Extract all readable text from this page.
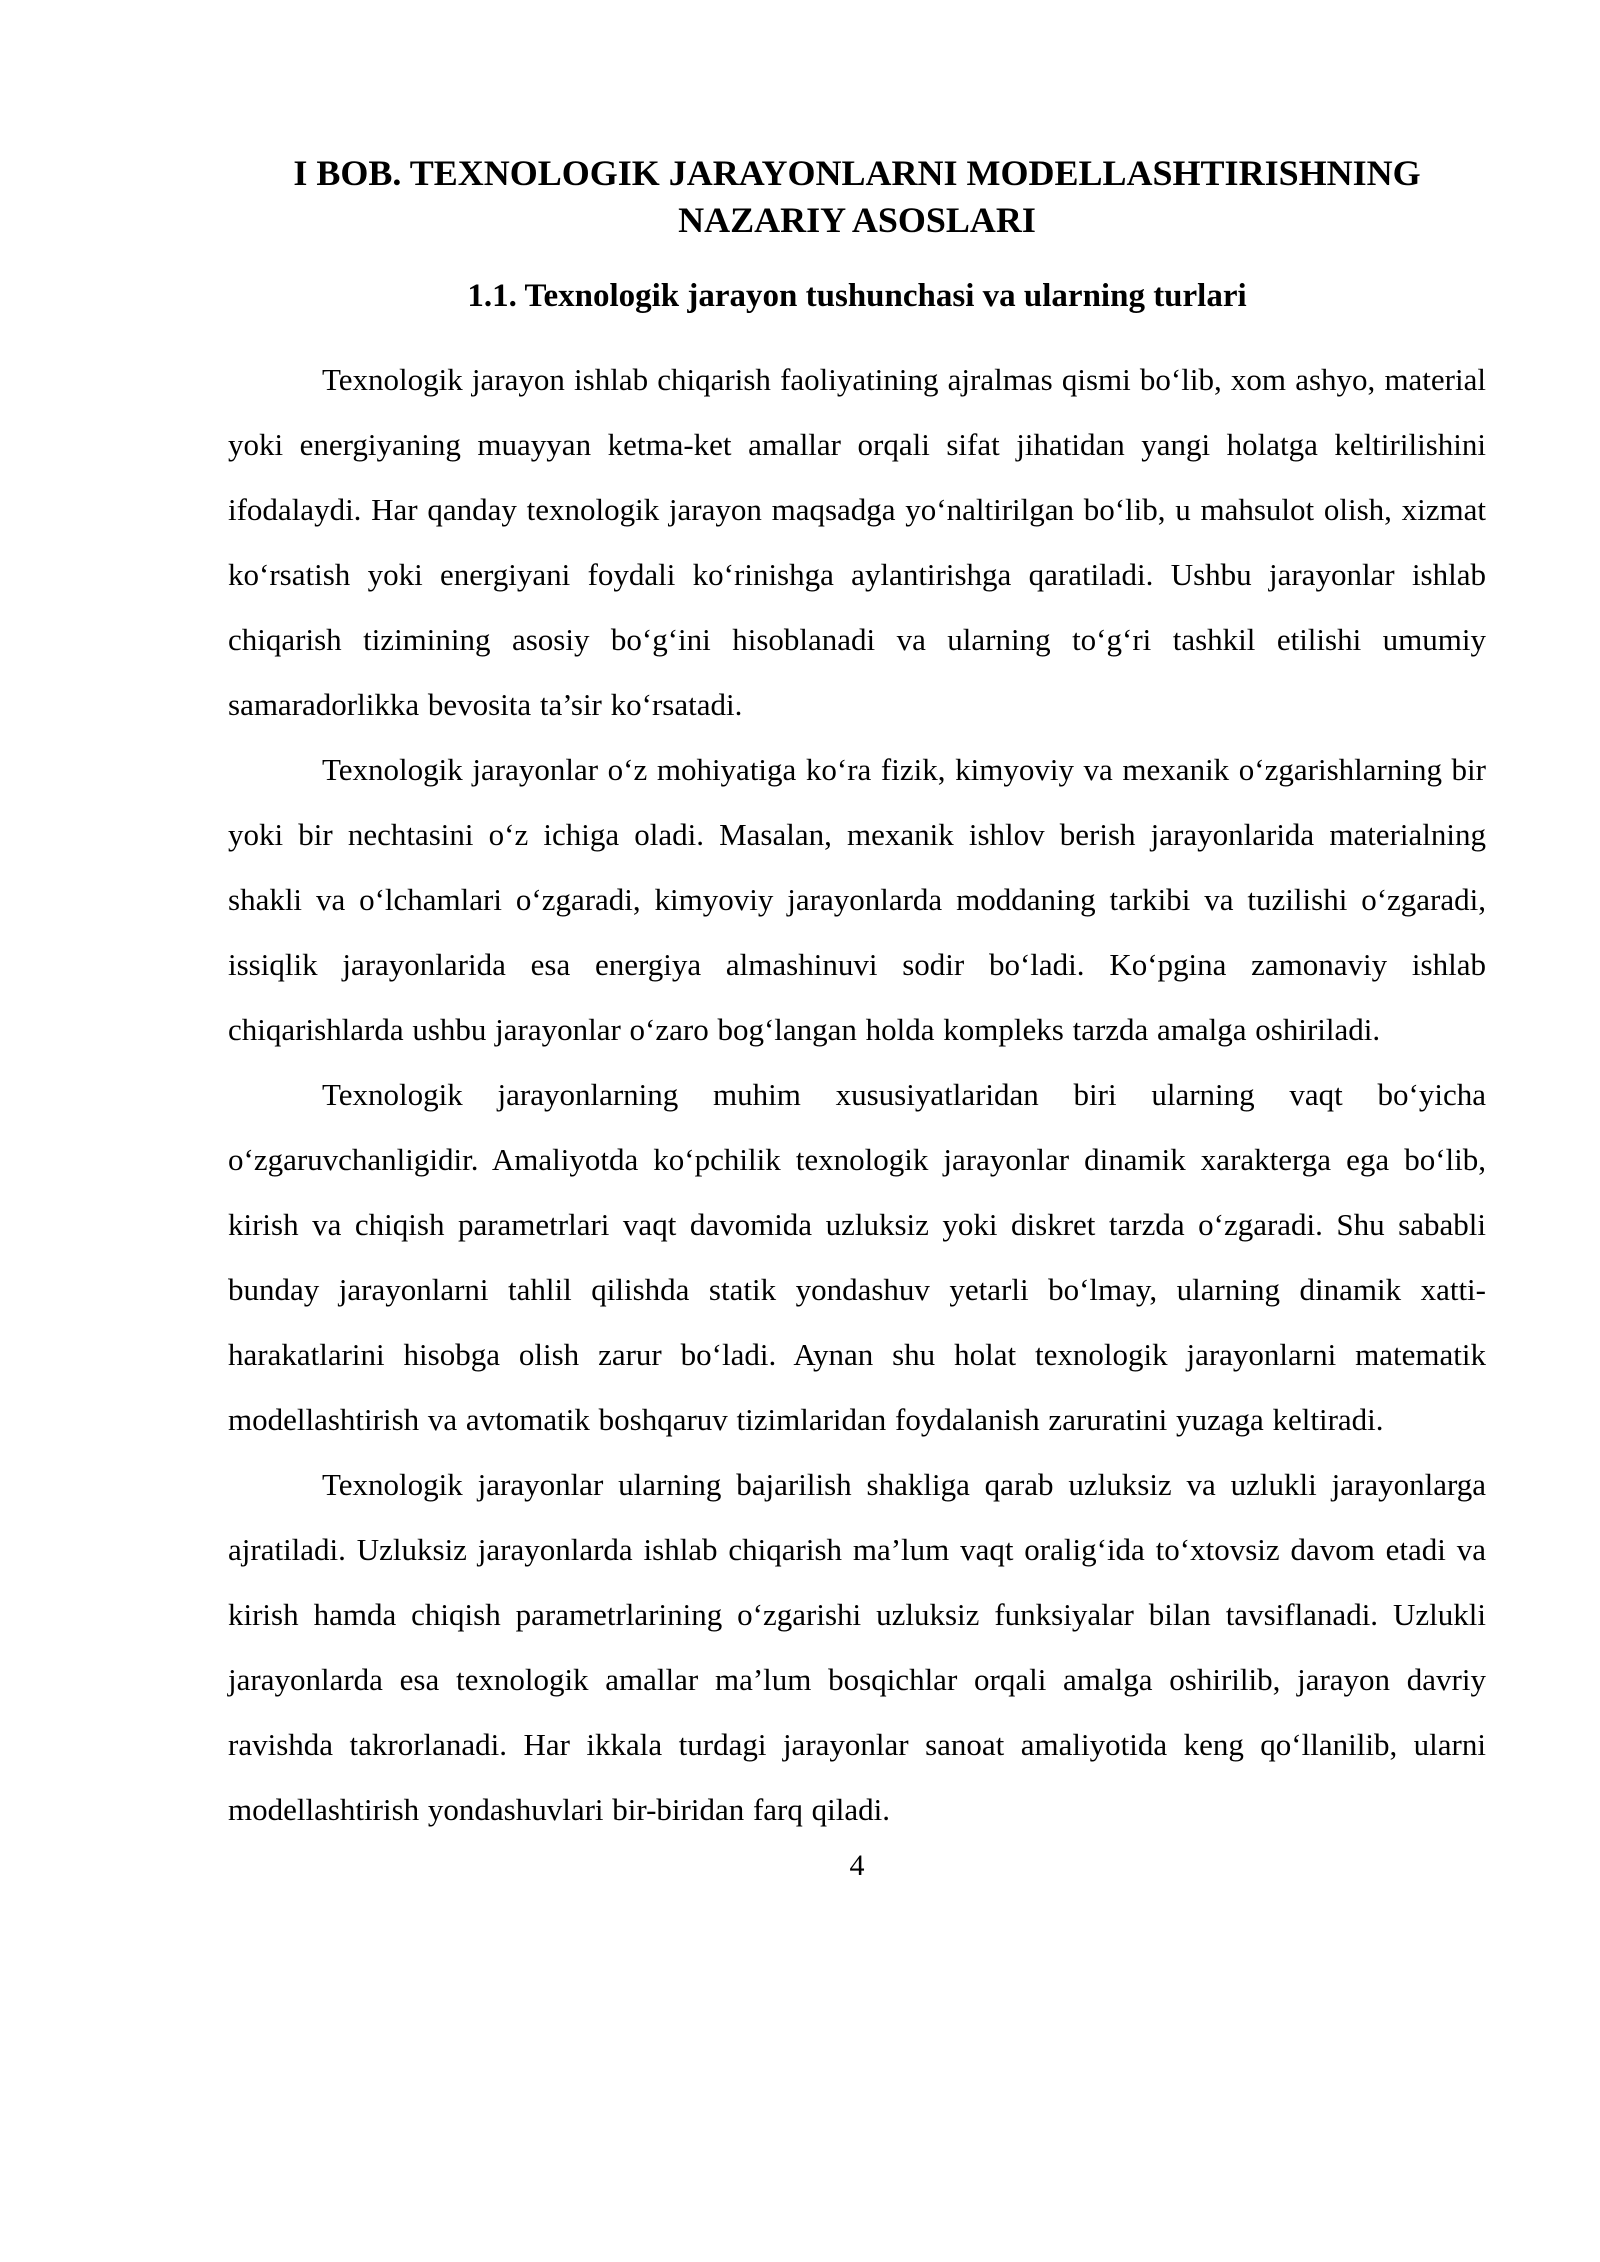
I BOB. TEXNOLOGIK JARAYONLARNI MODELLASHTIRISHNING NAZARIY ASOSLARI
1.1. Texnologik jarayon tushunchasi va ularning turlari

Texnologik jarayon ishlab chiqarish faoliyatining ajralmas qismi bo‘lib, xom ashyo, material yoki energiyaning muayyan ketma-ket amallar orqali sifat jihatidan yangi holatga keltirilishini ifodalaydi. Har qanday texnologik jarayon maqsadga yo‘naltirilgan bo‘lib, u mahsulot olish, xizmat ko‘rsatish yoki energiyani foydali ko‘rinishga aylantirishga qaratiladi. Ushbu jarayonlar ishlab chiqarish tizimining asosiy bo‘g‘ini hisoblanadi va ularning to‘g‘ri tashkil etilishi umumiy samaradorlikka bevosita ta’sir ko‘rsatadi.

Texnologik jarayonlar o‘z mohiyatiga ko‘ra fizik, kimyoviy va mexanik o‘zgarishlarning bir yoki bir nechtasini o‘z ichiga oladi. Masalan, mexanik ishlov berish jarayonlarida materialning shakli va o‘lchamlari o‘zgaradi, kimyoviy jarayonlarda moddaning tarkibi va tuzilishi o‘zgaradi, issiqlik jarayonlarida esa energiya almashinuvi sodir bo‘ladi. Ko‘pgina zamonaviy ishlab chiqarishlarda ushbu jarayonlar o‘zaro bog‘langan holda kompleks tarzda amalga oshiriladi.

Texnologik jarayonlarning muhim xususiyatlaridan biri ularning vaqt bo‘yicha o‘zgaruvchanligidir. Amaliyotda ko‘pchilik texnologik jarayonlar dinamik xarakterga ega bo‘lib, kirish va chiqish parametrlari vaqt davomida uzluksiz yoki diskret tarzda o‘zgaradi. Shu sababli bunday jarayonlarni tahlil qilishda statik yondashuv yetarli bo‘lmay, ularning dinamik xatti-harakatlarini hisobga olish zarur bo‘ladi. Aynan shu holat texnologik jarayonlarni matematik modellashtirish va avtomatik boshqaruv tizimlaridan foydalanish zaruratini yuzaga keltiradi.

Texnologik jarayonlar ularning bajarilish shakliga qarab uzluksiz va uzlukli jarayonlarga ajratiladi. Uzluksiz jarayonlarda ishlab chiqarish ma’lum vaqt oralig‘ida to‘xtovsiz davom etadi va kirish hamda chiqish parametrlarining o‘zgarishi uzluksiz funksiyalar bilan tavsiflanadi. Uzlukli jarayonlarda esa texnologik amallar ma’lum bosqichlar orqali amalga oshirilib, jarayon davriy ravishda takrorlanadi. Har ikkala turdagi jarayonlar sanoat amaliyotida keng qo‘llanilib, ularni modellashtirish yondashuvlari bir-biridan farq qiladi.

4
